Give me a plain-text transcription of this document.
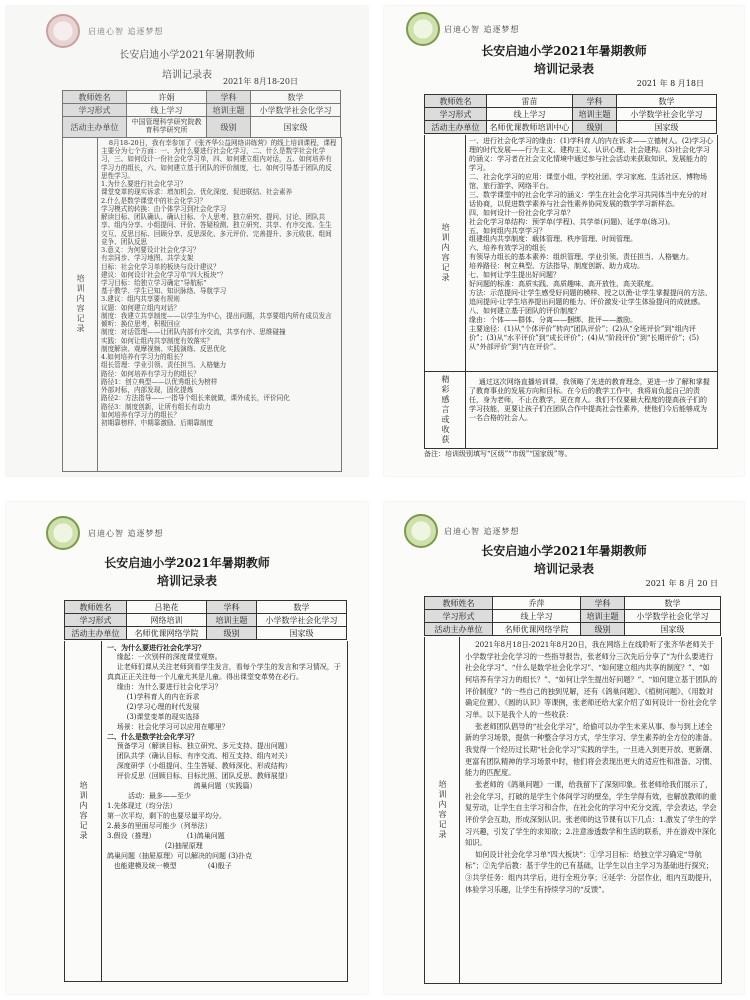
启迪心智 追逐梦想
长安启迪小学2021年暑期教师
培训记录表
2021年 8月18-20日
教师姓名	许娟	学科	数学
学习形式	线上学习	培训主题	小学数学社会化学习
活动主办单位	中国管理科学研究院教育科学研究所	级别	国家级
培训内容记录

8月18-20日，我有幸参加了《张齐华公益网络讲练营》的线上培训课程，课程主要分为七个方面：一、为什么要进行社会化学习，二、什么是数学社会化学习，三、如何设计一份社会化学习单，四、如何建立组内对话，五、如何培养有学习力的组长，六、如何建立基于团队的评价制度，七、如何引导基于团队的反思性学习。

1.为什么要进行社会化学习？

课堂变革的现实诉求：增加机会、优化深度、促进联结、社会素养

2.什么是数学课堂中的社会化学习？

学习模式的转换：由个体学习到社会化学习

解读目标、团队确认、确认目标、个人思考、独立研究、提问、讨论、团队共享、组内分享、小组提问、评价、答疑检测、独立研究、共享、有序交流、生生交互、反思目标、回顾分享、反思深化、多元评价、完善提升、多元收获、组间竞争、团队反思

3.意义：为何要设计社会化学习？

有亲同步、学习地图、共学支架

目标：社会化学习单的板块与设计建议？

建议：如何设计社会化学习单“四大板块”？

学习目标：给独立学习确定“导航标”

基于教学、学生已知、知识脉络、导航学习

3.建议：组内共享要有规则

议题：如何建立组内对话？

制度：我建立共享制度——以学生为中心，提出问题，共享要组内所有成员发言

倾听：换位思考，积极回应

制度：对话管理——让团队内部有序交流，共享有序、思维碰撞

实践：如何让组内共享制度有效落实？

制度解读、观摩视频、实践演练、反思优化

4.如何培养有学习力的组长？

组长管理：学业引领、责任担当、人格魅力

路径：如何培养有学习力的组长？

路径1：创立典型——以优秀组长为榜样

外部对标，内部发现，固化提炼

路径2：方法指导——一指导个组长来就做，课外成长，评价同化

路径3：制度创新，让所有组长有动力

如何培养有学习力的组长？

初期靠榜样、中期靠激励、后期靠制度

启迪心智 追逐梦想
长安启迪小学2021年暑期教师
培训记录表
2021 年 8 月18日
教师姓名	雷苗	学科	数学
学习形式	线上学习	培训主题	小学数学社会化学习
活动主办单位	名师优课教师培训中心	级别	国家级
培训内容记录

一、进行社会化学习的缘由：(1)学科育人的内在诉求——立德树人。(2)学习心理的时代发展——行为主义、建构主义、认识心理、社会建构。(3)社会化学习的涵义：学习者在社会文化情境中通过参与社会活动来获取知识、发展能力的学习。

二、社会化学习的应用：课堂小组、学校社团、学习家庭、生活社区、博物场馆、旅行游学、网络平台。

三、数学课堂中的社会化学习的涵义：学生在社会化学习共同体当中充分的对话协商，以促进数学素养与社会性素养协同发展的数学学习新样态。

四、如何设计一份社会化学习单？

社会化学习单结构：预学单(学程)、共学单(问题)、延学单(练习)。

五、如何组内共享学习？

组建组内共享制度：载体管理、秩序管理、时间管理。

六、培养有效学习的组长

有领导力组长的基本素养：组织管理、学业引领、责任担当、人格魅力。

培养路径：树立典型、方法指导、制度创新、助力成功。

七、如何让学生提出好问题？

好问题的标准：高质实践、高质趣味、高开放性、高关联度。

方法：示范提问-让学生感受好问题的模样、授之以渔-让学生掌握提问的方法、追问提问-让学生培养提出问题的能力、评价激发-让学生体验提问的成就感。

八、如何建立基于团队的评价制度？

缘由：个体——群体、分离——捆绑、批评——激励。

主要途径：(1)从“个体评价”转向“团队评价”；(2)从“全班评价”到“组内评价”；(3)从“水平评价”到“成长评价”；(4)从“阶段评价”到“长期评价”；(5)从“外部评价”到“内在评价”。

精彩感言或收获	通过这次网络直播培训课，我领略了先进的教育理念，更进一步了解和掌握了教育事业的发展方向和目标。在今后的教学工作中，我将肩负起自己的责任，身为老师，不止在教学，更在育人。我们不仅要最大程度的提高孩子们的学习技能，更要让孩子们在团队合作中提高社会性素养，使他们今后能够成为一名合格的社会人。
备注：培训级别填写“区级”“市级”“国家级”等。
启迪心智 追逐梦想
长安启迪小学2021年暑期教师
培训记录表
教师姓名	吕艳花	学科	数学
学习形式	网络培训	培训主题	小学数学社会化学习
活动主办单位	名师优课网络学院	级别	国家级
培训内容记录

一、为什么要进行社会化学习？

缘起：一次别样的深度课堂观察。

让老师们课从关注老师到看学生发言，看每个学生的发言和学习情况，于真真正正关注每一个儿童尤其是儿童。得出课堂变革势在必行。

缘由：为什么要进行社会化学习？

(1)学科育人的内在诉求

(2)学习心理的时代发展

(3)课堂变革的现实选择

场景：社会化学习可以应用在哪里？

二、什么是数学社会化学习？

预备学习（解读目标、独立研究、多元支持、提出问题）

团队共学（确认目标、有序交流、相互支持、组内对关）

深度研学（小组提问、生生答疑、教师深化、形成结构）

评价反思（回顾目标、目标比照、团队反思、教师展望）

鸽巢问题（实践篇）

活动：最多——至少

1.先体现过（均分法）

第一次平均，剩下的也要尽量平均分。

2.最多的里面尽可能少（列举法）

3.假设（推理）              (1)鸽巢问题

(2)抽屉原理

鸽巢问题（抽屉原理）可以解决的问题 (3)扑克

也能建模及统一模型              (4)骰子

启迪心智 追逐梦想
长安启迪小学2021年暑期教师
培训记录表
2021 年 8 月 20 日
教师姓名	乔萍	学科	数学
学习形式	线上学习	培训主题	小学数学社会化学习
活动主办单位	名师优课网络学院	级别	国家级
培训内容记录

2021年8月18日-2021年8月20日，我在网络上在线聆听了张齐华老师关于小学数学社会化学习的一些指导报告，张老师分三次先后分享了“为什么要进行社会化学习”、“什么是数学社会化学习”、“如何建立组内共享的制度？”、“如何培养有学习力的组长？”、“如何让学生提出好问题？”、“如何建立基于团队的评价制度？”的一些自己的独到见解，还有《鸽巢问题》、《植树问题》、《用数对确定位置》、《圆的认识》等课例，张老师还给大家介绍了如何设计一份社会化学习单。以下是我个人的一些收获：

张老师团队倡导的“社会化学习”，给偷可以办学生未来从事、参与到上述全新的学习场景，提供一种整合学习方式，学生学习、学生素养的全方位的准备。我觉得一个经历过长期“社会化学习”实践的学生，一旦进入到更开放、更新潮、更富有团队精神的学习场景中时，他们将会表现出更大的适应性和准备、习惯、能力的匹配度。

张老师的《鸽巢问题》一课，给我留下了深刻印象。张老师给我们展示了，社会化学习，打破的是学生个体间学习的壁垒，学生学得有效，也解放教师的重复劳动，让学生自主学习和合作，在社会化的学习中充分交流，学会表达，学会评价学会互助，形成深刻认识。张老师的这节课有以下几点：1.激发了学生的学习兴趣，引发了学生的求知欲；2.注意渗透数学和生活的联系，并在游戏中深化知识。

如何设计社会化学习单“四大板块”：①学习目标：给独立学习确定“导航标”；②先学后教：基于学生的已有基础，让学生以自主学习为基础进行探究；③共学任务：组内共学后，进行全班分享；④延学：分层作业，组内互助提升，体验学习乐趣，让学生有持续学习的“反馈”。
